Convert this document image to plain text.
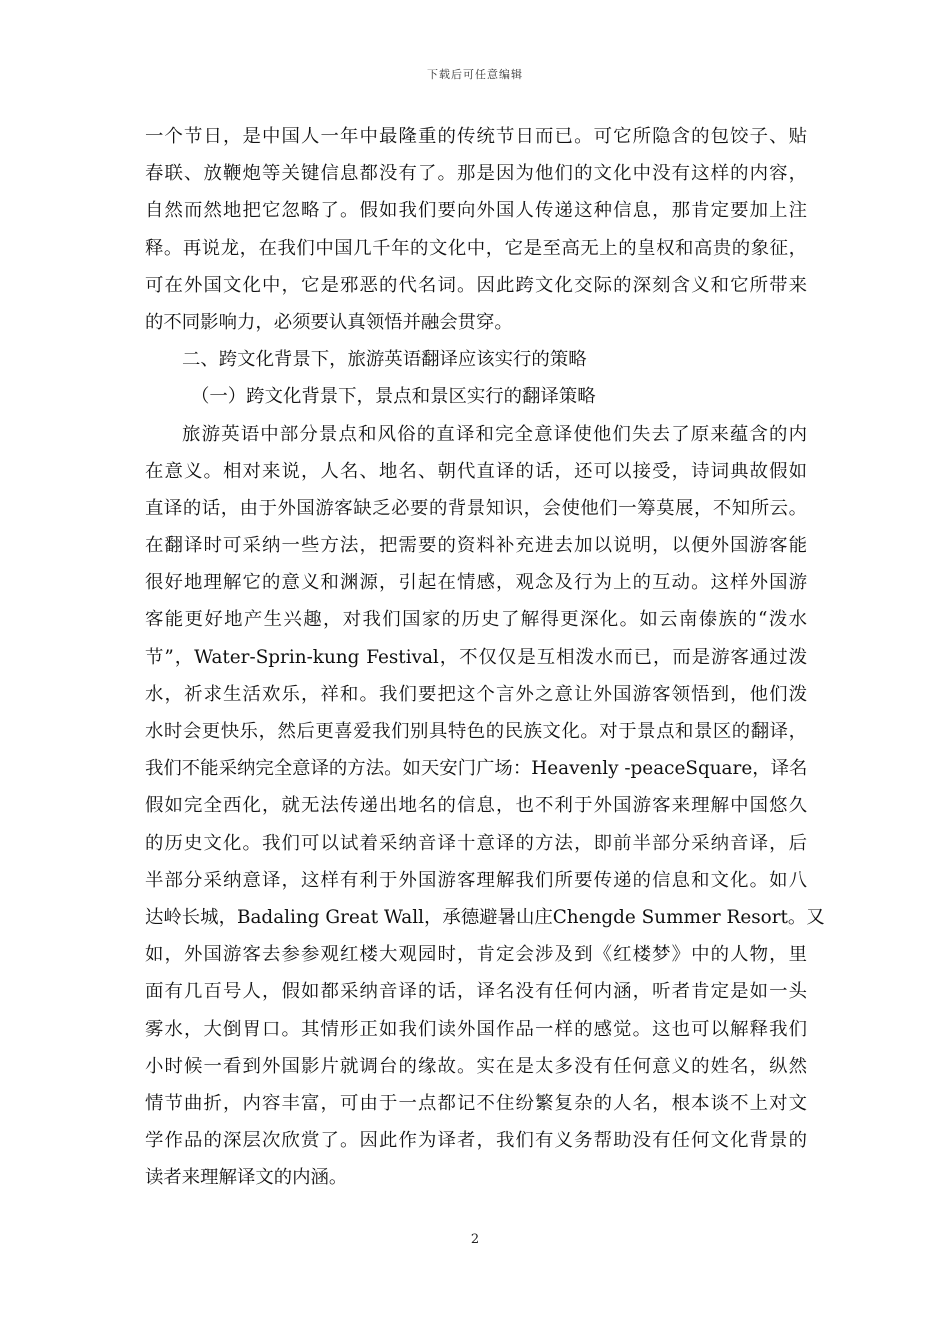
下载后可任意编辑
一个节日，是中国人一年中最隆重的传统节日而已。可它所隐含的包饺子、贴
春联、放鞭炮等关键信息都没有了。那是因为他们的文化中没有这样的内容，
自然而然地把它忽略了。假如我们要向外国人传递这种信息，那肯定要加上注
释。再说龙，在我们中国几千年的文化中，它是至高无上的皇权和高贵的象征，
可在外国文化中，它是邪恶的代名词。因此跨文化交际的深刻含义和它所带来
的不同影响力，必须要认真领悟并融会贯穿。
二、跨文化背景下，旅游英语翻译应该实行的策略
（一）跨文化背景下，景点和景区实行的翻译策略
旅游英语中部分景点和风俗的直译和完全意译使他们失去了原来蕴含的内
在意义。相对来说，人名、地名、朝代直译的话，还可以接受，诗词典故假如
直译的话，由于外国游客缺乏必要的背景知识，会使他们一筹莫展，不知所云。
在翻译时可采纳一些方法，把需要的资料补充进去加以说明，以便外国游客能
很好地理解它的意义和渊源，引起在情感，观念及行为上的互动。这样外国游
客能更好地产生兴趣，对我们国家的历史了解得更深化。如云南傣族的“泼水
节”，Water-Sprin-kung Festival，不仅仅是互相泼水而已，而是游客通过泼
水，祈求生活欢乐，祥和。我们要把这个言外之意让外国游客领悟到，他们泼
水时会更快乐，然后更喜爱我们别具特色的民族文化。对于景点和景区的翻译，
我们不能采纳完全意译的方法。如天安门广场：Heavenly -peaceSquare，译名
假如完全西化，就无法传递出地名的信息，也不利于外国游客来理解中国悠久
的历史文化。我们可以试着采纳音译十意译的方法，即前半部分采纳音译，后
半部分采纳意译，这样有利于外国游客理解我们所要传递的信息和文化。如八
达岭长城，Badaling Great Wall，承德避暑山庄Chengde Summer Resort。又
如，外国游客去参参观红楼大观园时，肯定会涉及到《红楼梦》中的人物，里
面有几百号人，假如都采纳音译的话，译名没有任何内涵，听者肯定是如一头
雾水，大倒胃口。其情形正如我们读外国作品一样的感觉。这也可以解释我们
小时候一看到外国影片就调台的缘故。实在是太多没有任何意义的姓名，纵然
情节曲折，内容丰富，可由于一点都记不住纷繁复杂的人名，根本谈不上对文
学作品的深层次欣赏了。因此作为译者，我们有义务帮助没有任何文化背景的
读者来理解译文的内涵。
2
